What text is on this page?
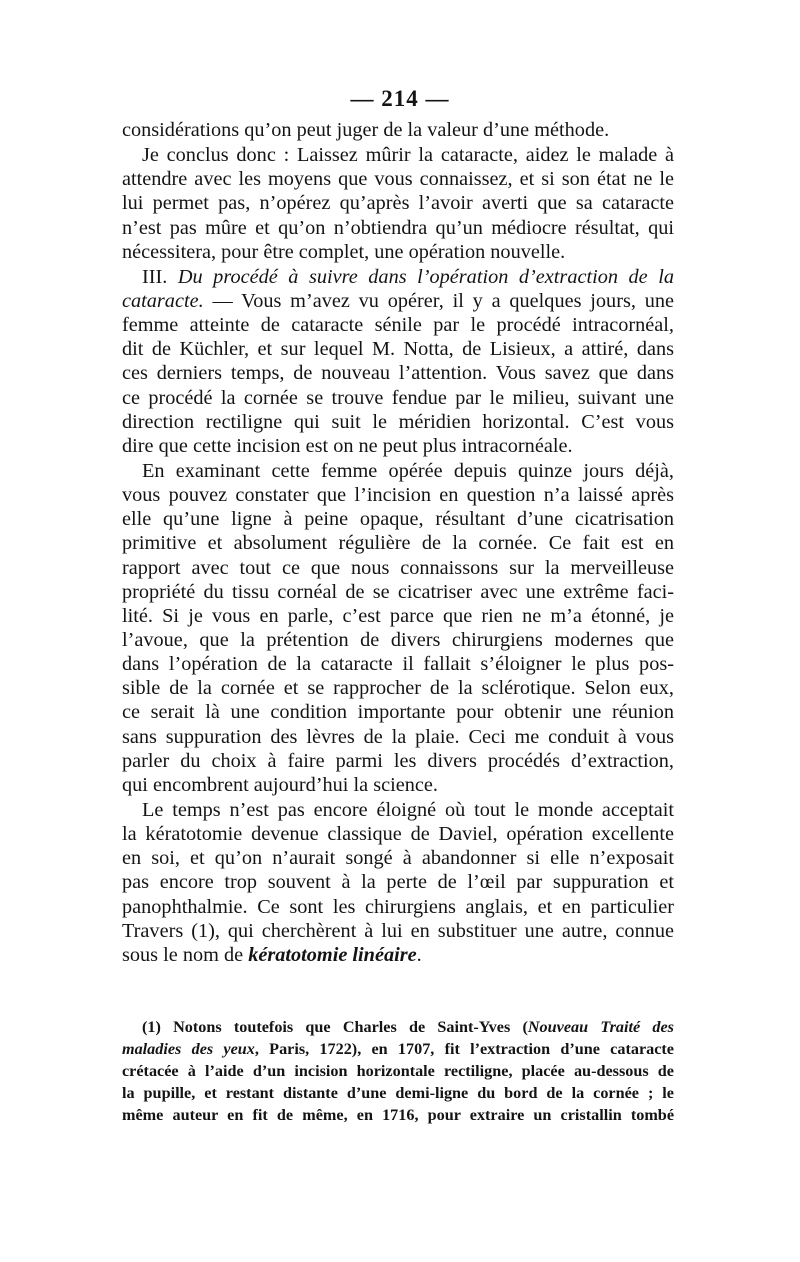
— 214 —
considérations qu’on peut juger de la valeur d’une méthode.
Je conclus donc : Laissez mûrir la cataracte, aidez le malade à
attendre avec les moyens que vous connaissez, et si son état ne le
lui permet pas, n’opérez qu’après l’avoir averti que sa cataracte
n’est pas mûre et qu’on n’obtiendra qu’un médiocre résultat, qui
nécessitera, pour être complet, une opération nouvelle.
III. Du procédé à suivre dans l’opération d’extraction de la
cataracte. — Vous m’avez vu opérer, il y a quelques jours, une
femme atteinte de cataracte sénile par le procédé intracornéal,
dit de Küchler, et sur lequel M. Notta, de Lisieux, a attiré, dans
ces derniers temps, de nouveau l’attention. Vous savez que dans
ce procédé la cornée se trouve fendue par le milieu, suivant une
direction rectiligne qui suit le méridien horizontal. C’est vous
dire que cette incision est on ne peut plus intracornéale.
En examinant cette femme opérée depuis quinze jours déjà,
vous pouvez constater que l’incision en question n’a laissé après
elle qu’une ligne à peine opaque, résultant d’une cicatrisation
primitive et absolument régulière de la cornée. Ce fait est en
rapport avec tout ce que nous connaissons sur la merveilleuse
propriété du tissu cornéal de se cicatriser avec une extrême faci-
lité. Si je vous en parle, c’est parce que rien ne m’a étonné, je
l’avoue, que la prétention de divers chirurgiens modernes que
dans l’opération de la cataracte il fallait s’éloigner le plus pos-
sible de la cornée et se rapprocher de la sclérotique. Selon eux,
ce serait là une condition importante pour obtenir une réunion
sans suppuration des lèvres de la plaie. Ceci me conduit à vous
parler du choix à faire parmi les divers procédés d’extraction,
qui encombrent aujourd’hui la science.
Le temps n’est pas encore éloigné où tout le monde acceptait
la kératotomie devenue classique de Daviel, opération excellente
en soi, et qu’on n’aurait songé à abandonner si elle n’exposait
pas encore trop souvent à la perte de l’œil par suppuration et
panophthalmie. Ce sont les chirurgiens anglais, et en particulier
Travers (1), qui cherchèrent à lui en substituer une autre, connue
sous le nom de kératotomie linéaire.
(1) Notons toutefois que Charles de Saint-Yves (Nouveau Traité des
maladies des yeux, Paris, 1722), en 1707, fit l’extraction d’une cataracte
crétacée à l’aide d’un incision horizontale rectiligne, placée au-dessous de
la pupille, et restant distante d’une demi-ligne du bord de la cornée ; le
même auteur en fit de même, en 1716, pour extraire un cristallin tombé
